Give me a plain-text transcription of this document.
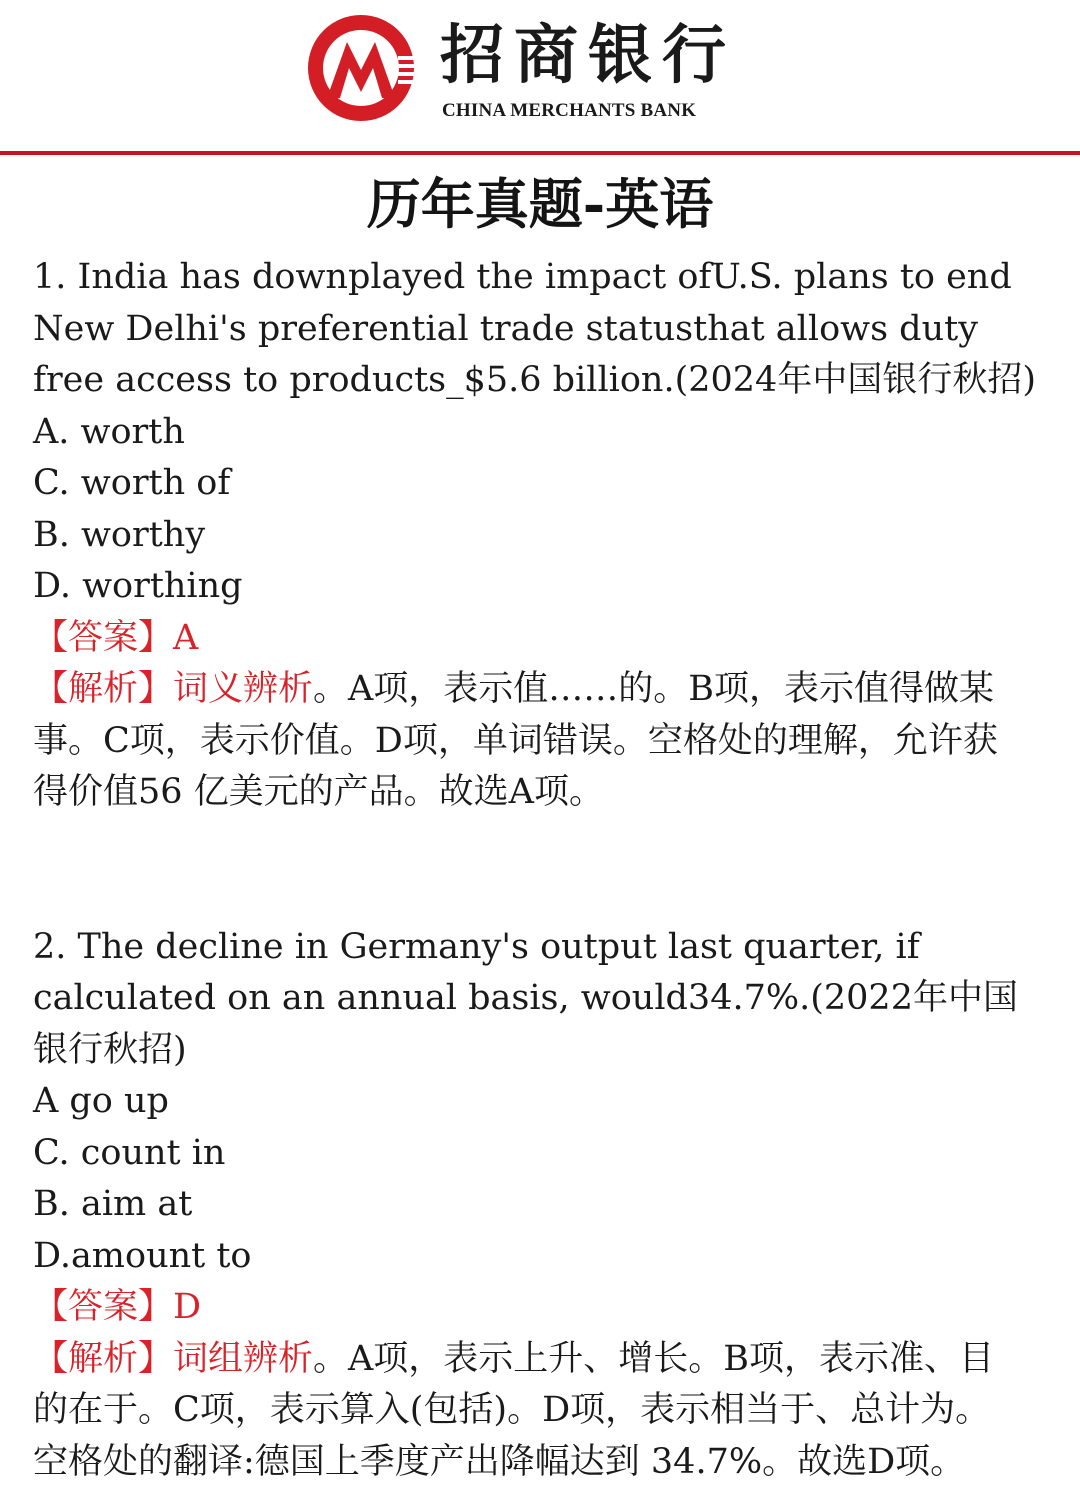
招商银行
CHINA MERCHANTS BANK
历年真题-英语
1. India has downplayed the impact ofU.S. plans to end
New Delhi's preferential trade statusthat allows duty
free access to products_$5.6 billion.(2024年中国银行秋招)
A. worth
C. worth of
B. worthy
D. worthing
【答案】A
【解析】词义辨析。A项，表示值……的。B项，表示值得做某
事。C项，表示价值。D项，单词错误。空格处的理解，允许获
得价值56 亿美元的产品。故选A项。
2. The decline in Germany's output last quarter, if
calculated on an annual basis, would34.7%.(2022年中国
银行秋招)
A go up
C. count in
B. aim at
D.amount to
【答案】D
【解析】词组辨析。A项，表示上升、增长。B项，表示准、目
的在于。C项，表示算入(包括)。D项，表示相当于、总计为。
空格处的翻译:德国上季度产出降幅达到 34.7%。故选D项。
